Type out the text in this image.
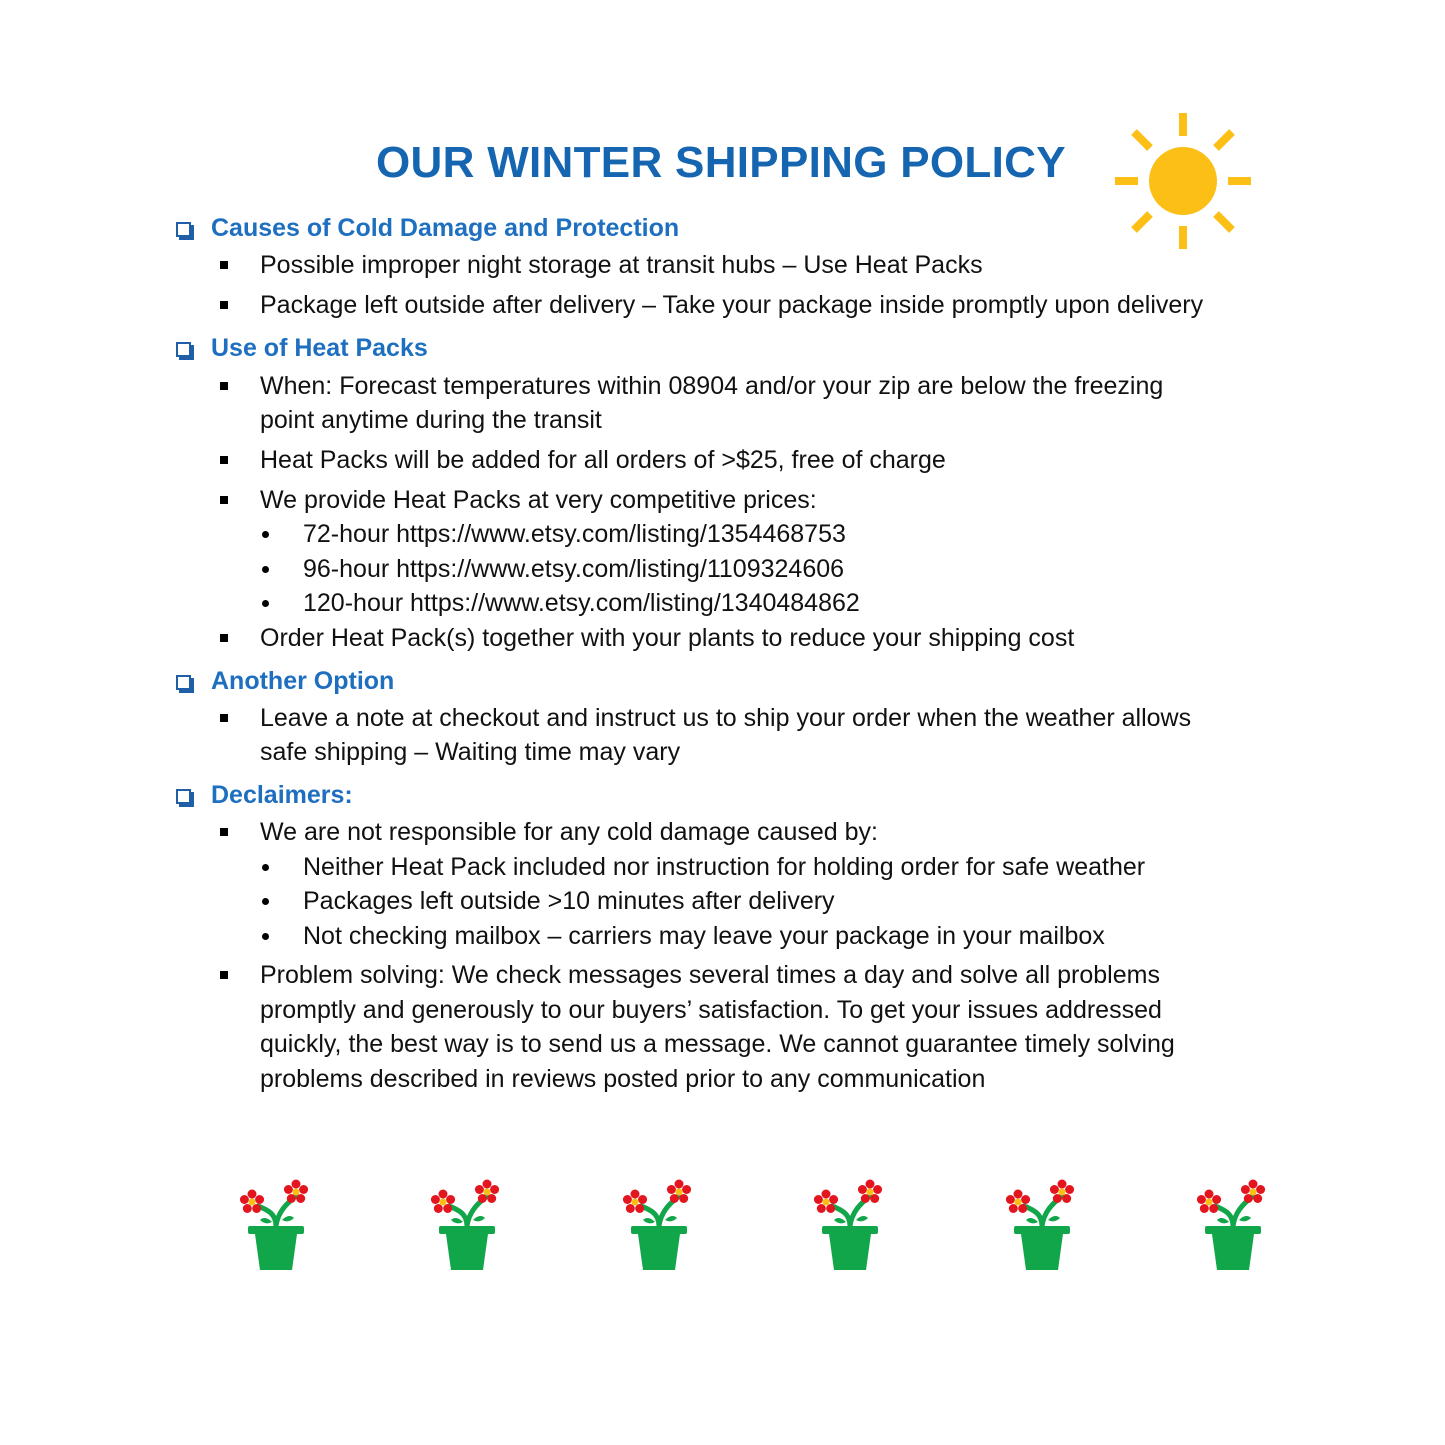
OUR WINTER SHIPPING POLICY
Causes of Cold Damage and Protection
Possible improper night storage at transit hubs – Use Heat Packs
Package left outside after delivery – Take your package inside promptly upon delivery
Use of Heat Packs
When: Forecast temperatures within 08904 and/or your zip are below the freezing
point anytime during the transit
Heat Packs will be added for all orders of >$25, free of charge
We provide Heat Packs at very competitive prices:
72-hour https://www.etsy.com/listing/1354468753
96-hour https://www.etsy.com/listing/1109324606
120-hour https://www.etsy.com/listing/1340484862
Order Heat Pack(s) together with your plants to reduce your shipping cost
Another Option
Leave a note at checkout and instruct us to ship your order when the weather allows
safe shipping – Waiting time may vary
Declaimers:
We are not responsible for any cold damage caused by:
Neither Heat Pack included nor instruction for holding order for safe weather
Packages left outside >10 minutes after delivery
Not checking mailbox – carriers may leave your package in your mailbox
Problem solving: We check messages several times a day and solve all problems
promptly and generously to our buyers’ satisfaction. To get your issues addressed
quickly, the best way is to send us a message. We cannot guarantee timely solving
problems described in reviews posted prior to any communication
